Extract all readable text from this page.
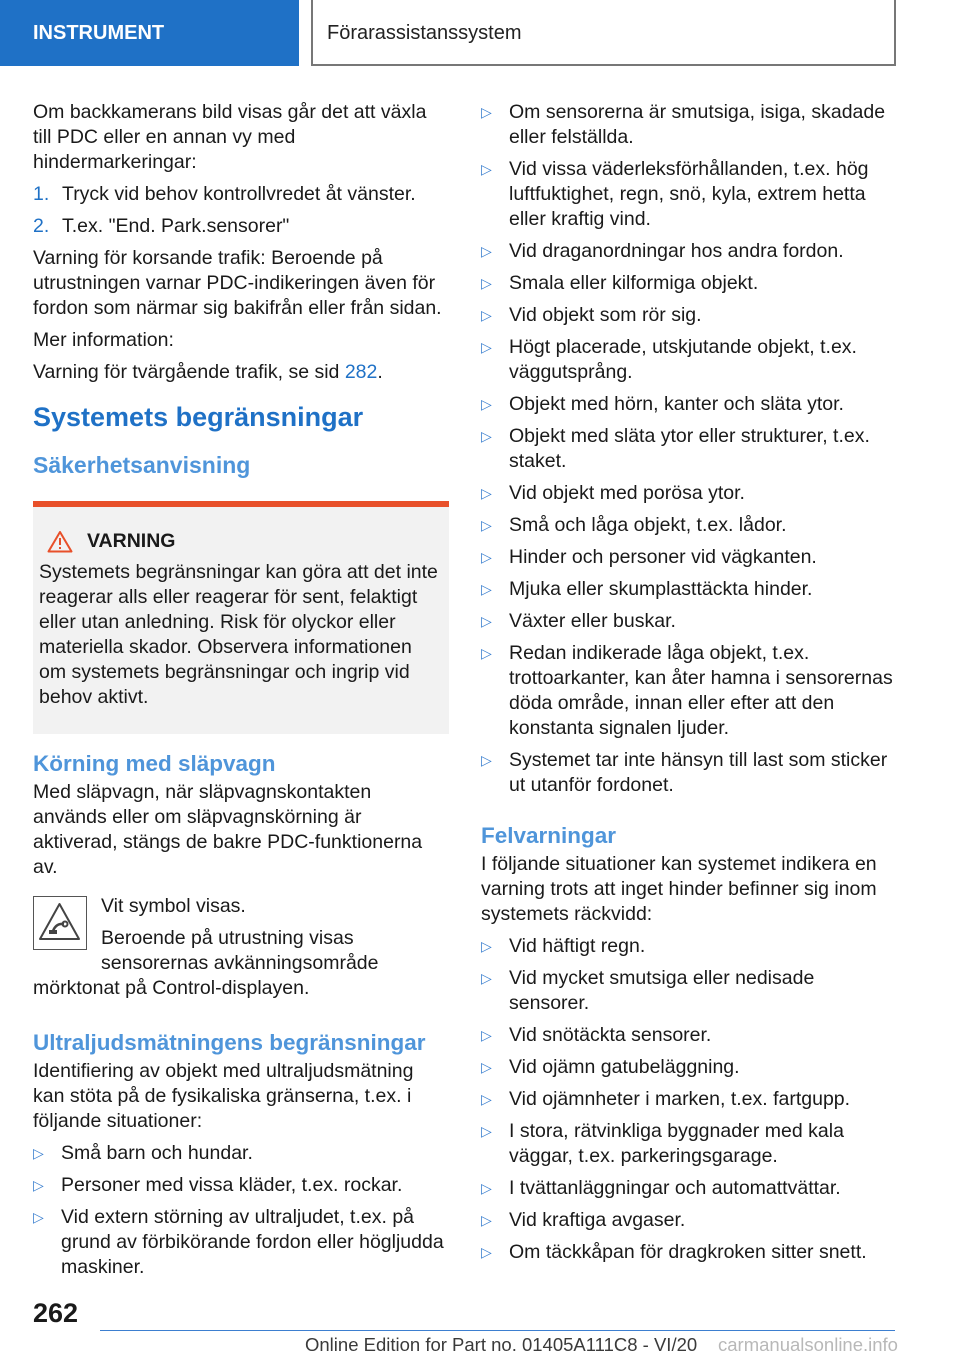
INSTRUMENT	Förarassistanssystem

Om backkamerans bild visas går det att växla till PDC eller en annan vy med hindermarkeringar:

1. Tryck vid behov kontrollvredet åt vänster.
2. T.ex. "End. Park.sensorer"

Varning för korsande trafik: Beroende på utrustningen varnar PDC-indikeringen även för fordon som närmar sig bakifrån eller från sidan.

Mer information:

Varning för tvärgående trafik, se sid 282.

Systemets begränsningar
Säkerhetsanvisning
VARNING
Systemets begränsningar kan göra att det inte reagerar alls eller reagerar för sent, felaktigt eller utan anledning. Risk för olyckor eller materiella skador. Observera informationen om systemets begränsningar och ingrip vid behov aktivt.
Körning med släpvagn

Med släpvagn, när släpvagnskontakten används eller om släpvagnskörning är aktiverad, stängs de bakre PDC-funktionerna av.

Vit symbol visas.

Beroende på utrustning visas sensorernas avkänningsområde mörktonat på Control-displayen.

Ultraljudsmätningens begränsningar

Identifiering av objekt med ultraljudsmätning kan stöta på de fysikaliska gränserna, t.ex. i följande situationer:

▷ Små barn och hundar.
▷ Personer med vissa kläder, t.ex. rockar.
▷ Vid extern störning av ultraljudet, t.ex. på grund av förbikörande fordon eller högljudda maskiner.
▷ Om sensorerna är smutsiga, isiga, skadade eller felställda.
▷ Vid vissa väderleksförhållanden, t.ex. hög luftfuktighet, regn, snö, kyla, extrem hetta eller kraftig vind.
▷ Vid draganordningar hos andra fordon.
▷ Smala eller kilformiga objekt.
▷ Vid objekt som rör sig.
▷ Högt placerade, utskjutande objekt, t.ex. väggutsprång.
▷ Objekt med hörn, kanter och släta ytor.
▷ Objekt med släta ytor eller strukturer, t.ex. staket.
▷ Vid objekt med porösa ytor.
▷ Små och låga objekt, t.ex. lådor.
▷ Hinder och personer vid vägkanten.
▷ Mjuka eller skumplasttäckta hinder.
▷ Växter eller buskar.
▷ Redan indikerade låga objekt, t.ex. trottoarkanter, kan åter hamna i sensorernas döda område, innan eller efter att den konstanta signalen ljuder.
▷ Systemet tar inte hänsyn till last som sticker ut utanför fordonet.
Felvarningar

I följande situationer kan systemet indikera en varning trots att inget hinder befinner sig inom systemets räckvidd:

▷ Vid häftigt regn.
▷ Vid mycket smutsiga eller nedisade sensorer.
▷ Vid snötäckta sensorer.
▷ Vid ojämn gatubeläggning.
▷ Vid ojämnheter i marken, t.ex. fartgupp.
▷ I stora, rätvinkliga byggnader med kala väggar, t.ex. parkeringsgarage.
▷ I tvättanläggningar och automattvättar.
▷ Vid kraftiga avgaser.
▷ Om täckkåpan för dragkroken sitter snett.
262
Online Edition for Part no. 01405A111C8 - VI/20 carmanualsonline.info
